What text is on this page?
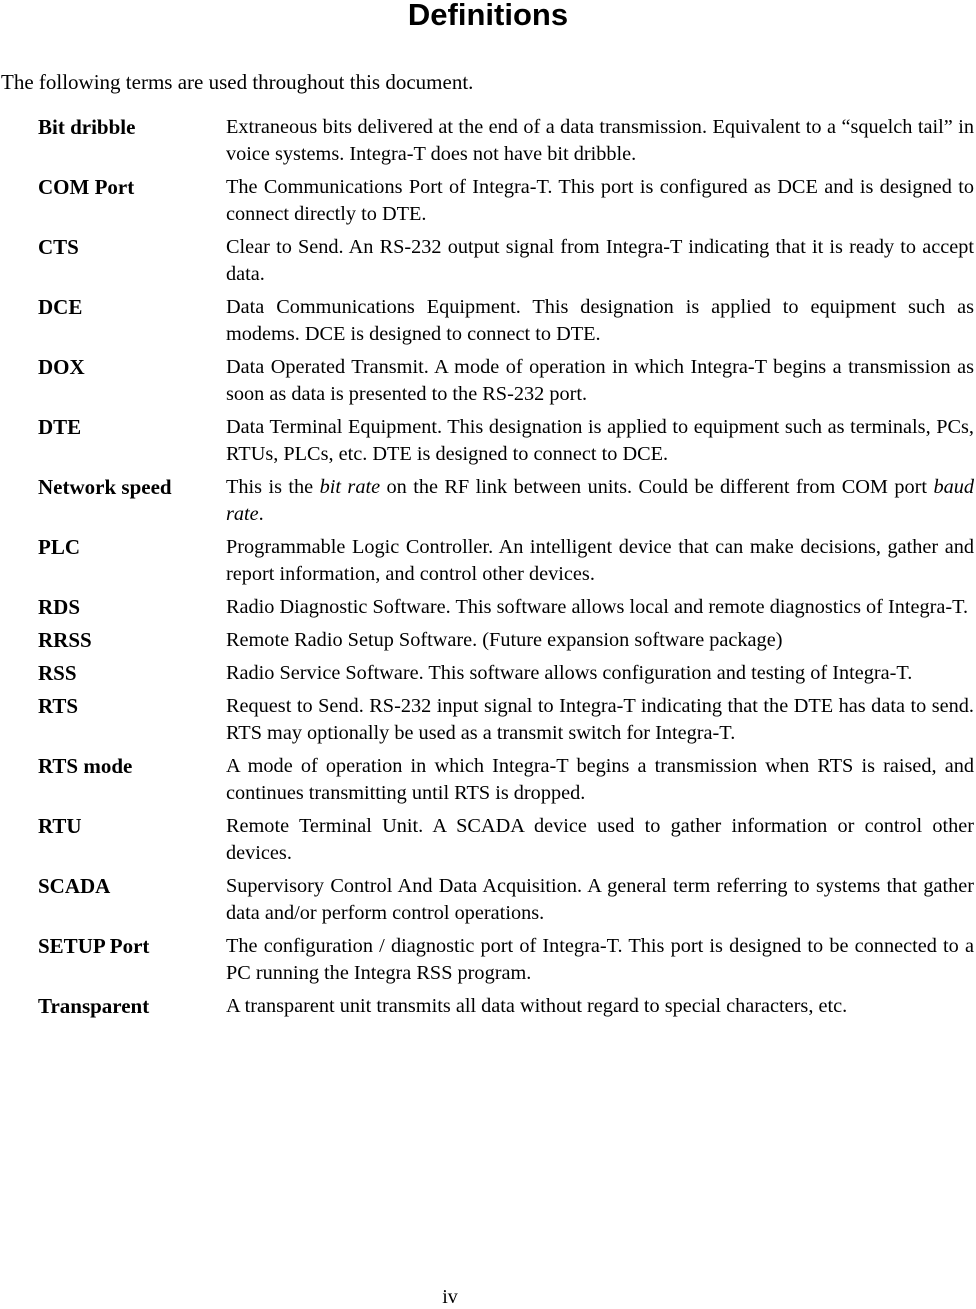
Definitions
The following terms are used throughout this document.
Bit dribble	Extraneous bits delivered at the end of a data transmission. Equivalent to a “squelch tail” in voice systems. Integra-T does not have bit dribble.
COM Port	The Communications Port of Integra-T. This port is configured as DCE and is designed to connect directly to DTE.
CTS	Clear to Send. An RS-232 output signal from Integra-T indicating that it is ready to accept data.
DCE	Data Communications Equipment. This designation is applied to equipment such as modems. DCE is designed to connect to DTE.
DOX	Data Operated Transmit. A mode of operation in which Integra-T begins a transmission as soon as data is presented to the RS-232 port.
DTE	Data Terminal Equipment. This designation is applied to equipment such as terminals, PCs, RTUs, PLCs, etc. DTE is designed to connect to DCE.
Network speed	This is the bit rate on the RF link between units. Could be different from COM port baud rate.
PLC	Programmable Logic Controller. An intelligent device that can make decisions, gather and report information, and control other devices.
RDS	Radio Diagnostic Software. This software allows local and remote diagnostics of Integra-T.
RRSS	Remote Radio Setup Software. (Future expansion software package)
RSS	Radio Service Software. This software allows configuration and testing of Integra-T.
RTS	Request to Send. RS-232 input signal to Integra-T indicating that the DTE has data to send. RTS may optionally be used as a transmit switch for Integra-T.
RTS mode	A mode of operation in which Integra-T begins a transmission when RTS is raised, and continues transmitting until RTS is dropped.
RTU	Remote Terminal Unit. A SCADA device used to gather information or control other devices.
SCADA	Supervisory Control And Data Acquisition. A general term referring to systems that gather data and/or perform control operations.
SETUP Port	The configuration / diagnostic port of Integra-T. This port is designed to be connected to a PC running the Integra RSS program.
Transparent	A transparent unit transmits all data without regard to special characters, etc.
iv
